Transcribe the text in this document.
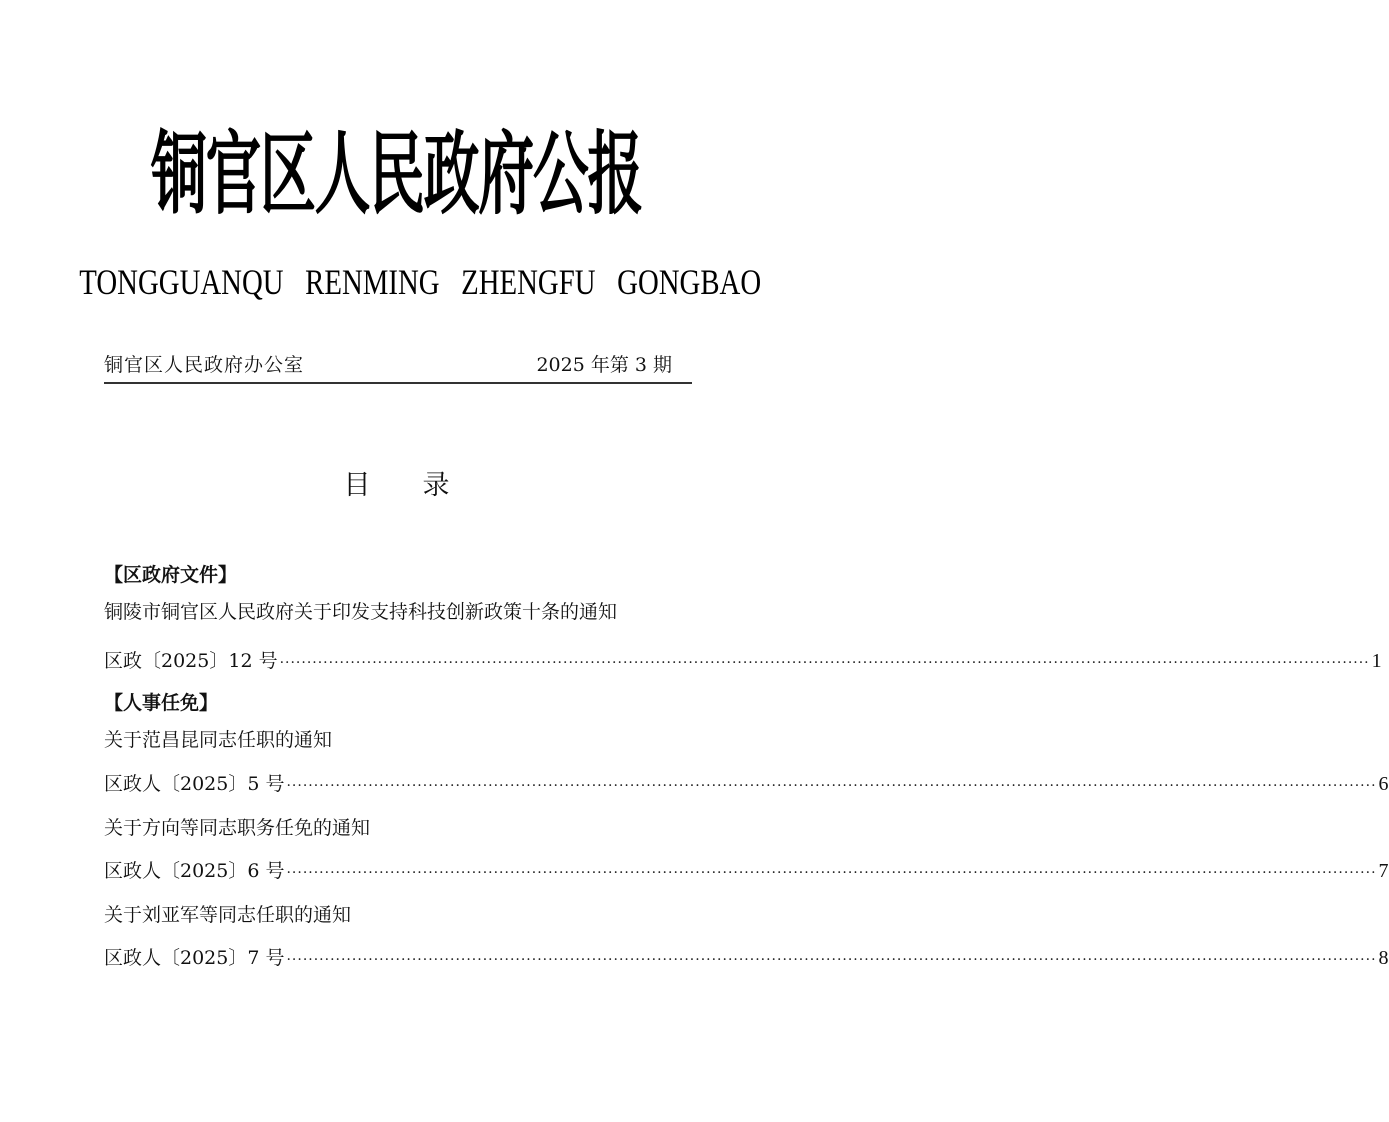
铜官区人民政府公报
TONGGUANQU RENMING ZHENGFU GONGBAO
铜官区人民政府办公室	2025 年第 3 期
目录
【区政府文件】
铜陵市铜官区人民政府关于印发支持科技创新政策十条的通知
区政〔2025〕12 号 ········································································································································································································ 1
【人事任免】
关于范昌昆同志任职的通知
区政人〔2025〕5 号 ········································································································································································································ 6
关于方向等同志职务任免的通知
区政人〔2025〕6 号 ········································································································································································································ 7
关于刘亚军等同志任职的通知
区政人〔2025〕7 号 ········································································································································································································ 8
